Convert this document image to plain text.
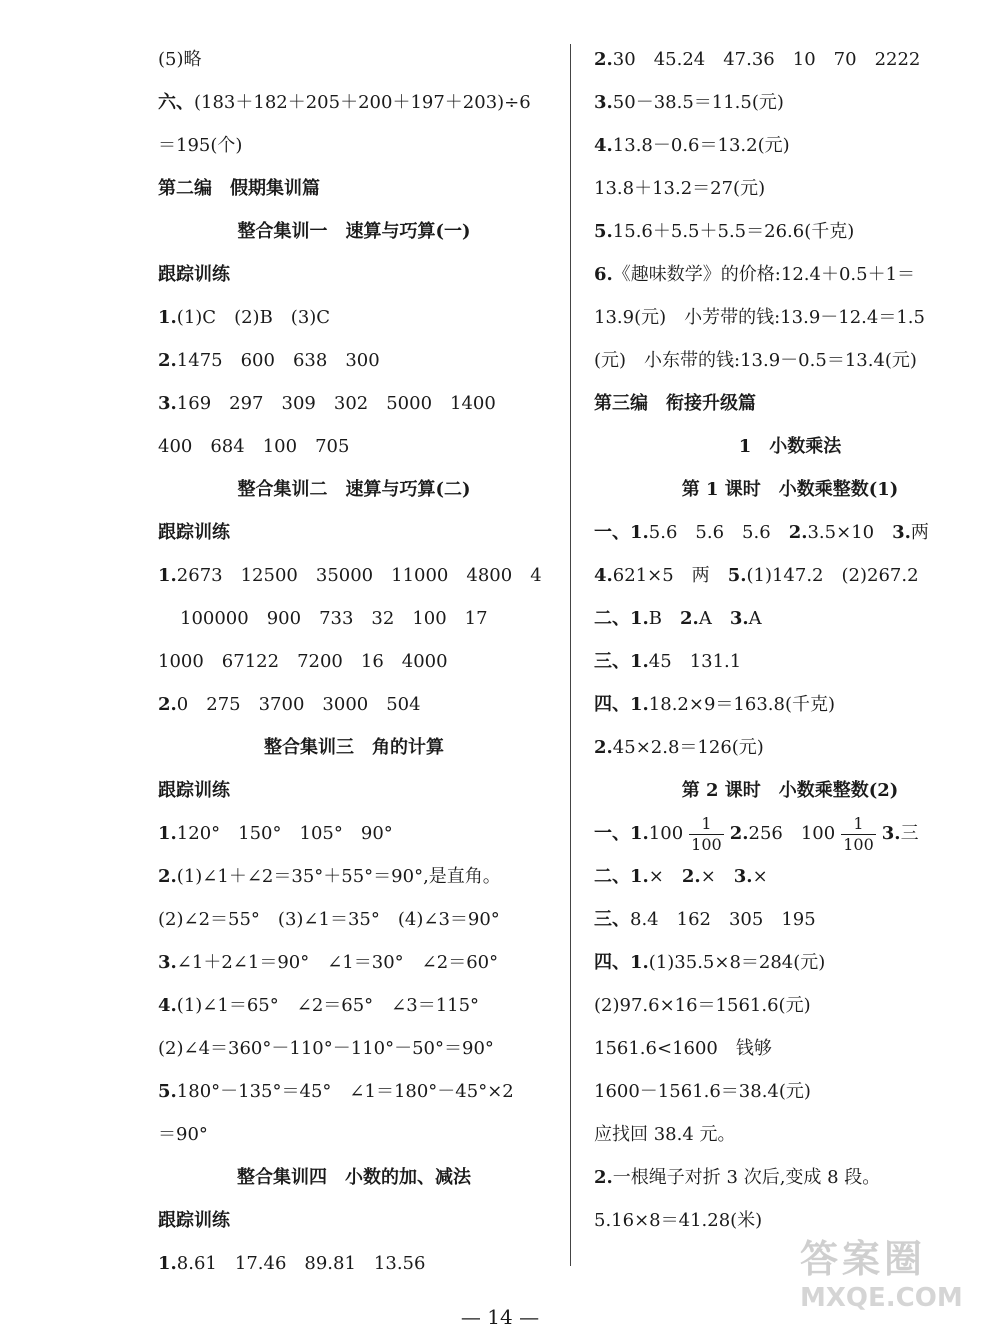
(5)略
六、(183＋182＋205＋200＋197＋203)÷6
＝195(个)
第二编　假期集训篇
整合集训一　速算与巧算(一)
跟踪训练
1.(1)C　(2)B　(3)C
2.1475　600　638　300
3.169　297　309　302　5000　1400
400　684　100　705
整合集训二　速算与巧算(二)
跟踪训练
1.2673　12500　35000　11000　4800　4
100000　900　733　32　100　17
1000　67122　7200　16　4000
2.0　275　3700　3000　504
整合集训三　角的计算
跟踪训练
1.120°　150°　105°　90°
2.(1)∠1＋∠2＝35°＋55°＝90°,是直角。
(2)∠2＝55°　(3)∠1＝35°　(4)∠3＝90°
3.∠1＋2∠1＝90°　∠1＝30°　∠2＝60°
4.(1)∠1＝65°　∠2＝65°　∠3＝115°
(2)∠4＝360°－110°－110°－50°＝90°
5.180°－135°＝45°　∠1＝180°－45°×2
＝90°
整合集训四　小数的加、减法
跟踪训练
1.8.61　17.46　89.81　13.56
2.30　45.24　47.36　10　70　2222
3.50－38.5＝11.5(元)
4.13.8－0.6＝13.2(元)
13.8＋13.2＝27(元)
5.15.6＋5.5＋5.5＝26.6(千克)
6.《趣味数学》的价格:12.4＋0.5＋1＝
13.9(元)　小芳带的钱:13.9－12.4＝1.5
(元)　小东带的钱:13.9－0.5＝13.4(元)
第三编　衔接升级篇
1　小数乘法
第 1 课时　小数乘整数(1)
一、1.5.6　5.6　5.6　2.3.5×10　3.两
4.621×5　两　5.(1)147.2　(2)267.2
二、1.B　2.A　3.A
三、1.45　131.1
四、1.18.2×9＝163.8(千克)
2.45×2.8＝126(元)
第 2 课时　小数乘整数(2)
一、$1.100 \frac{1}{100} 2.256$　$100 \frac{1}{100} 3$.三
二、1.×　2.×　3.×
三、8.4　162　305　195
四、1.(1)35.5×8＝284(元)
(2)97.6×16＝1561.6(元)
1561.6<1600　钱够
1600－1561.6＝38.4(元)
应找回 38.4 元。
2.一根绳子对折 3 次后,变成 8 段。
5.16×8＝41.28(米)
— 14 —
答案圈
MXQE.COM
